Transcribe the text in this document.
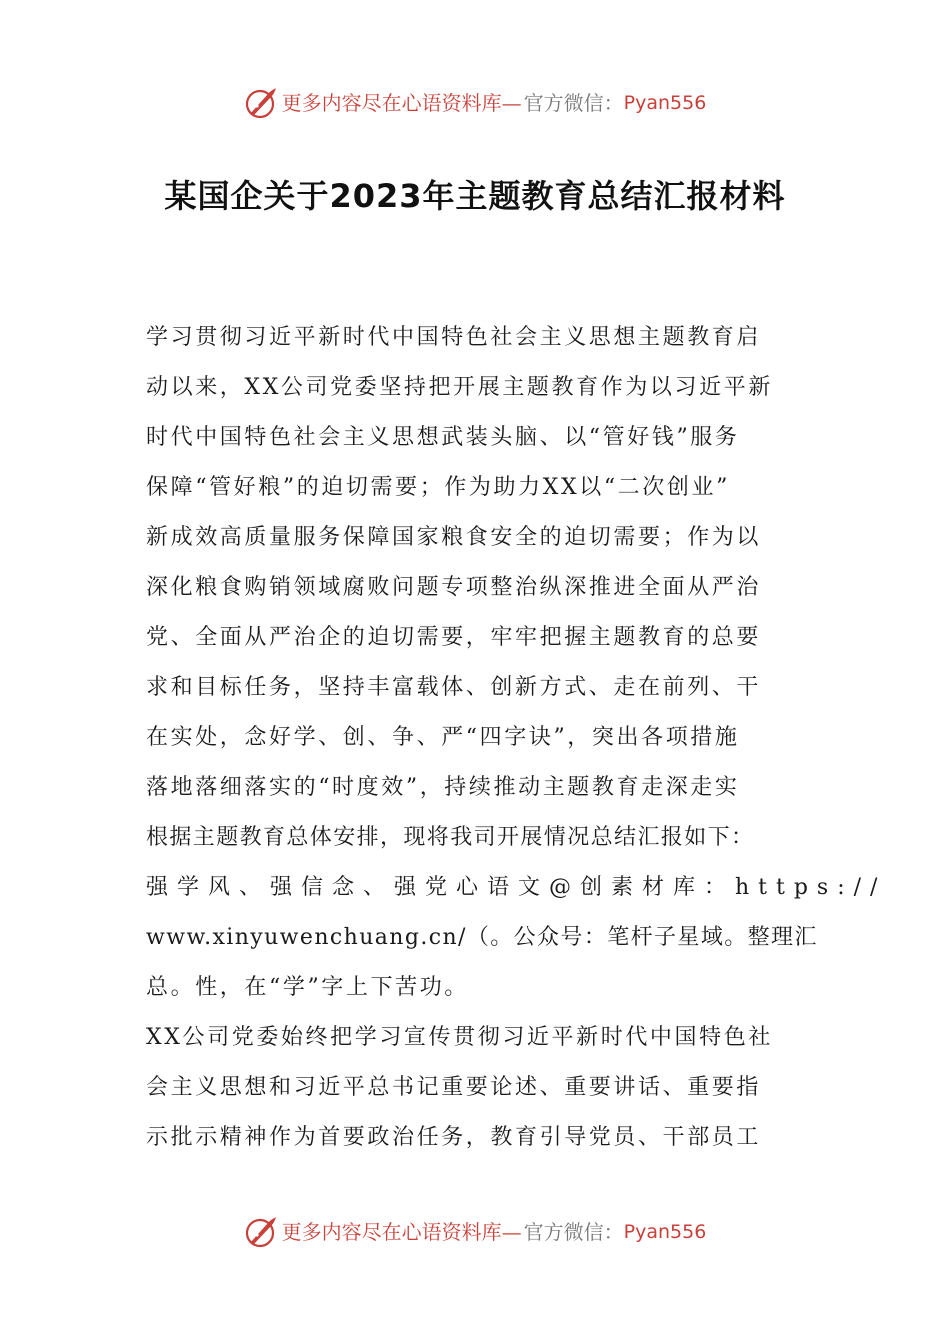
更多内容尽在心语资料库 — 官方微信： Pyan556
某国企关于2023年主题教育总结汇报材料
学习贯彻习近平新时代中国特色社会主义思想主题教育启
动以来，XX公司党委坚持把开展主题教育作为以习近平新
时代中国特色社会主义思想武装头脑、以“管好钱”服务
保障“管好粮”的迫切需要；作为助力XX以“二次创业”
新成效高质量服务保障国家粮食安全的迫切需要；作为以
深化粮食购销领域腐败问题专项整治纵深推进全面从严治
党、全面从严治企的迫切需要，牢牢把握主题教育的总要
求和目标任务，坚持丰富载体、创新方式、走在前列、干
在实处，念好学、创、争、严“四字诀”，突出各项措施
落地落细落实的“时度效”，持续推动主题教育走深走实
根据主题教育总体安排，现将我司开展情况总结汇报如下：
强学风、强信念、强党心语文@创素材库：https://
www.xinyuwenchuang.cn/（。公众号：笔杆子星域。整理汇
总。性，在“学”字上下苦功。
XX公司党委始终把学习宣传贯彻习近平新时代中国特色社
会主义思想和习近平总书记重要论述、重要讲话、重要指
示批示精神作为首要政治任务，教育引导党员、干部员工
更多内容尽在心语资料库 — 官方微信： Pyan556
